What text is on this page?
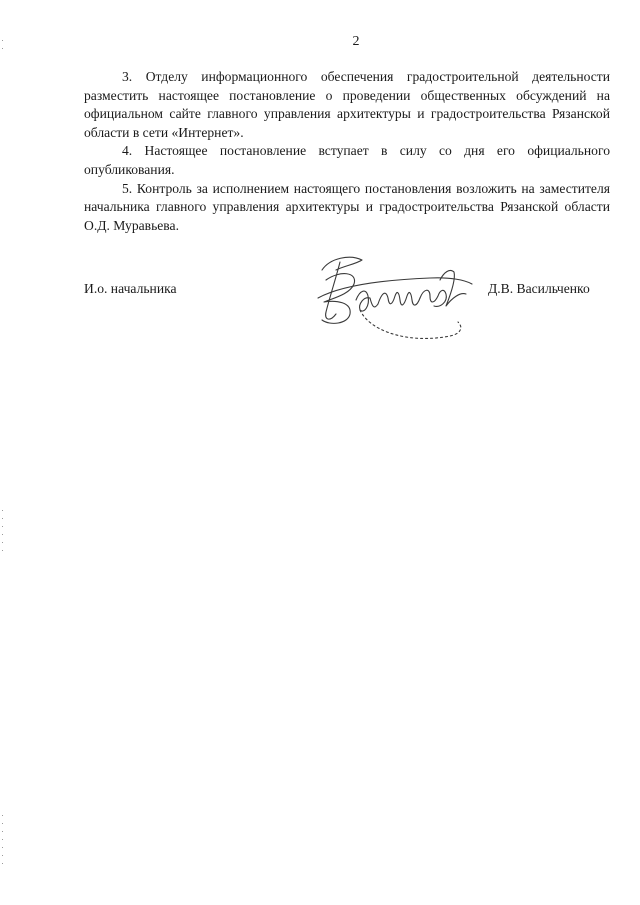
2

3. Отделу информационного обеспечения градостроительной деятельности разместить настоящее постановление о проведении общественных обсуждений на официальном сайте главного управления архитектуры и градостроительства Рязанской области в сети «Интернет».

4. Настоящее постановление вступает в силу со дня его официального опубликования.

5. Контроль за исполнением настоящего постановления возложить на заместителя начальника главного управления архитектуры и градостроительства Рязанской области О.Д. Муравьева.

И.о. начальника	Д.В. Васильченко
